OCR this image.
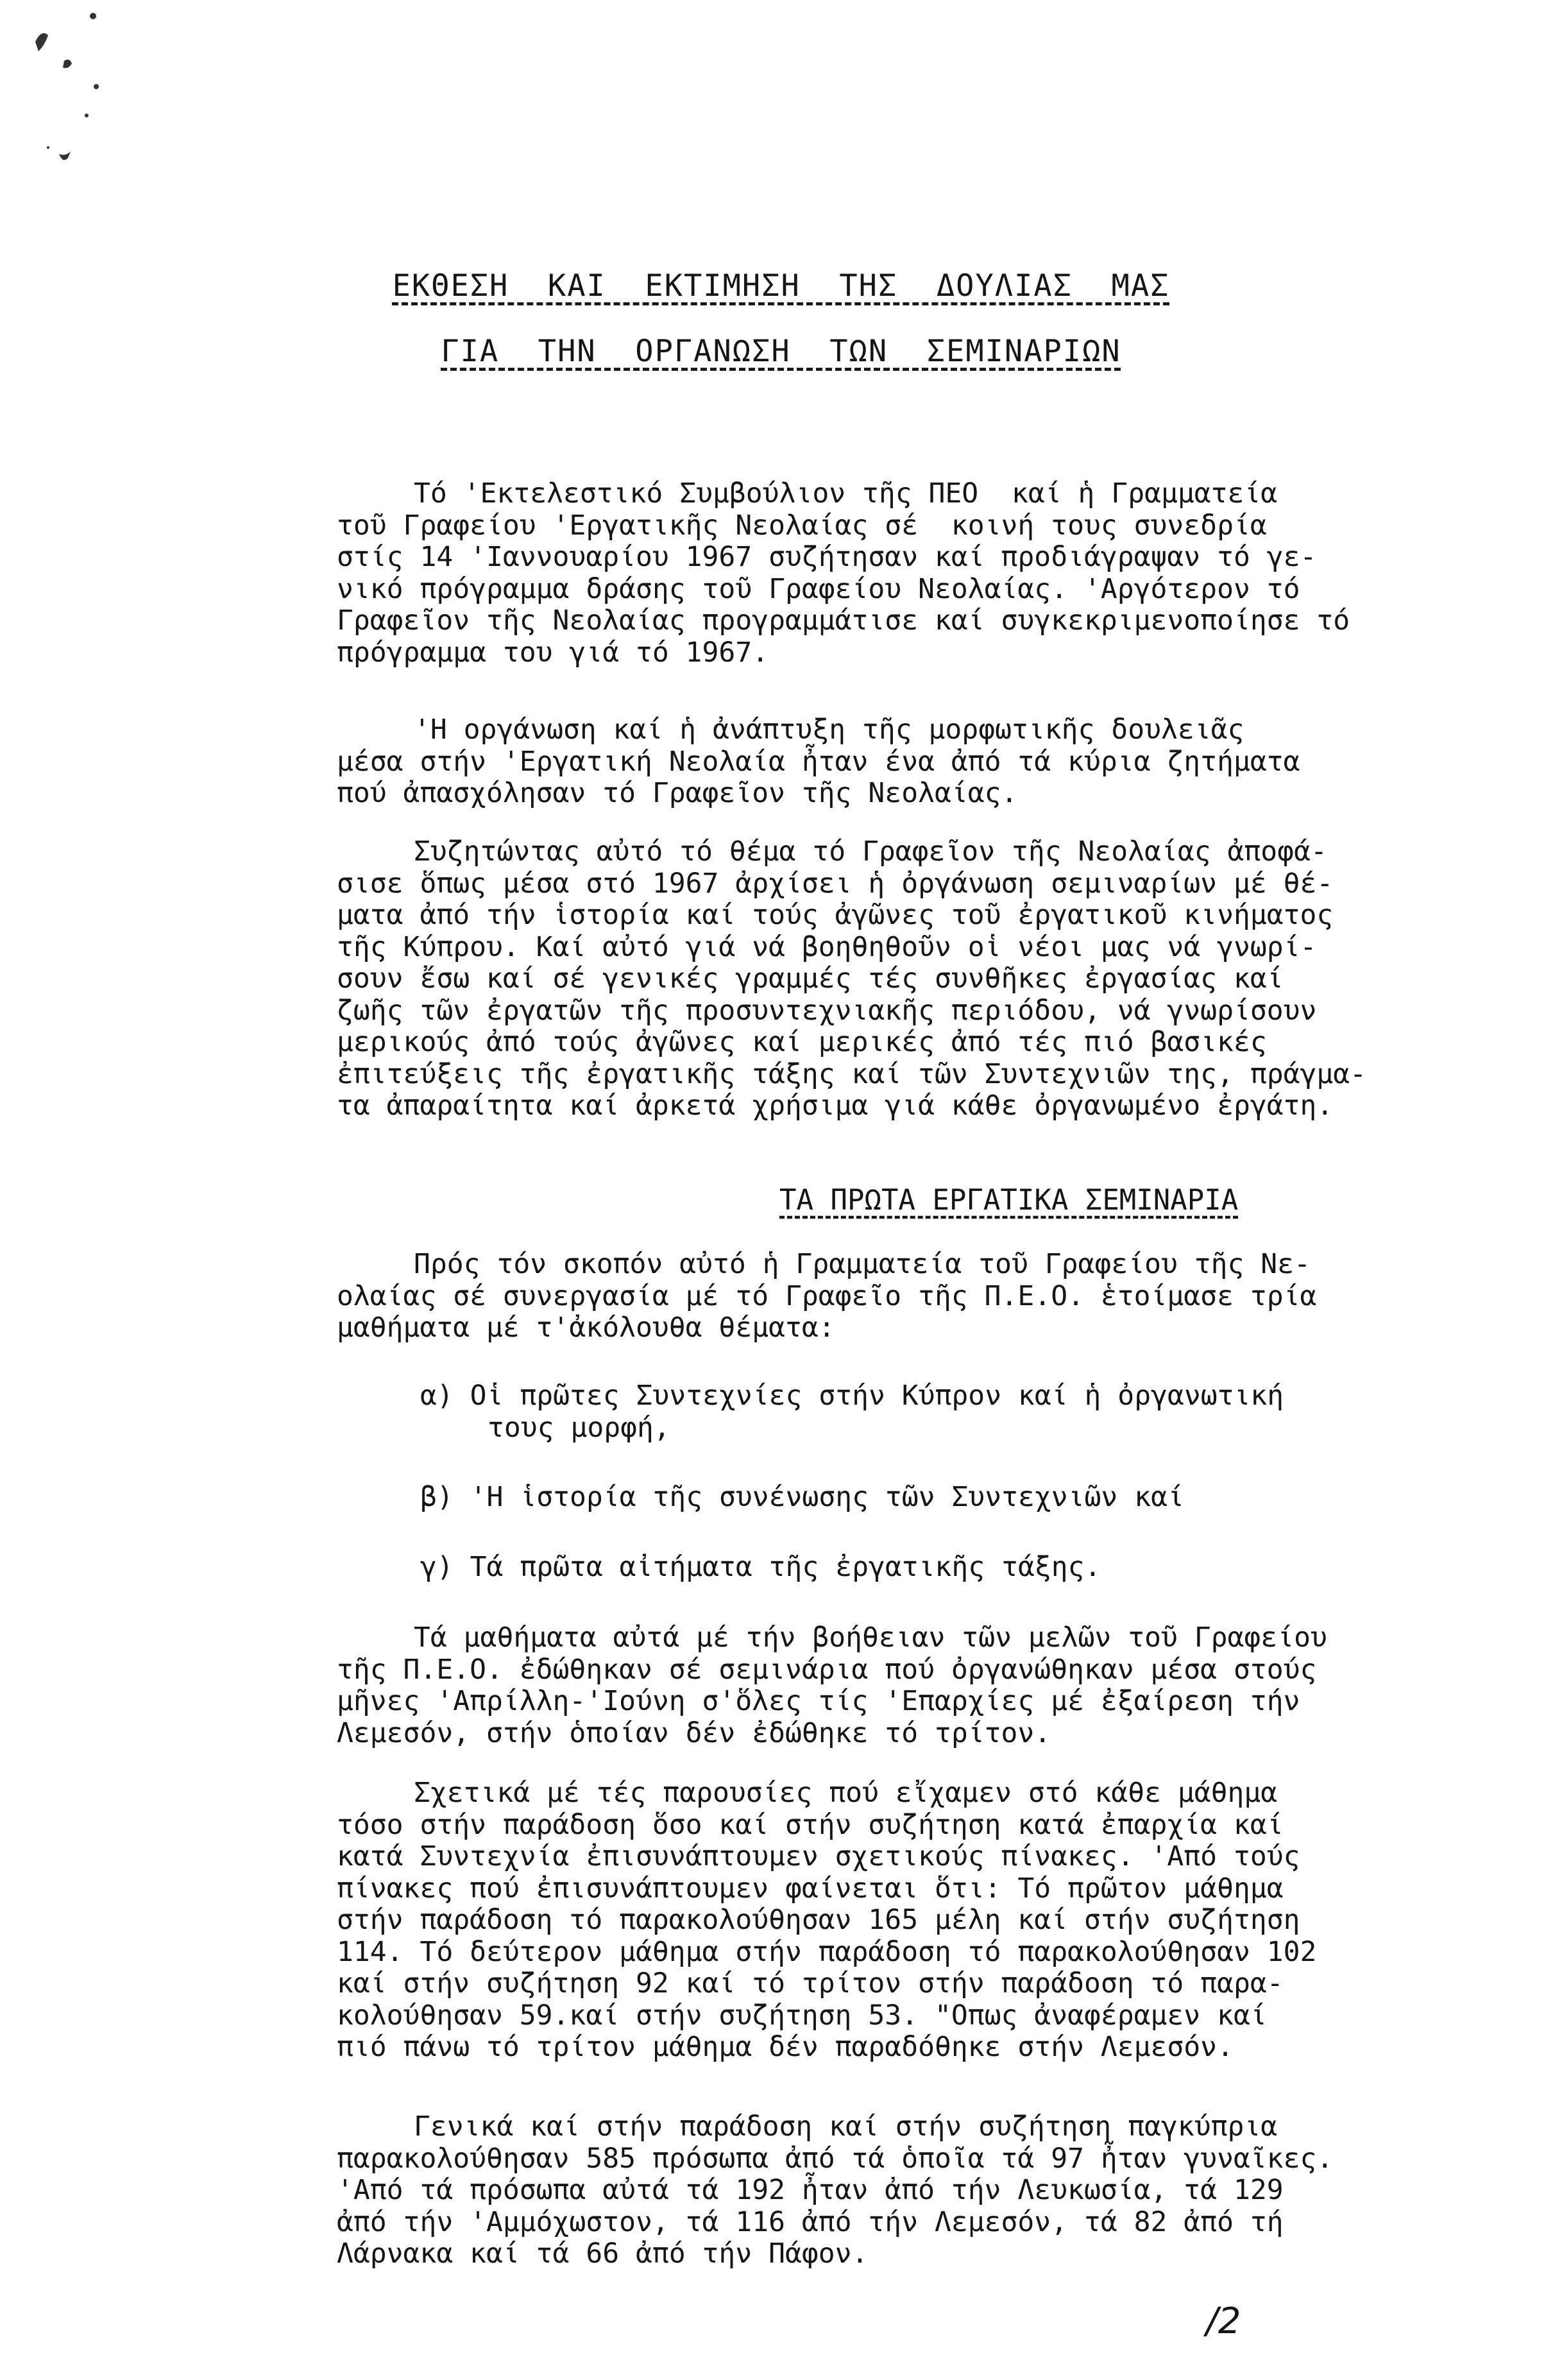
ΕΚΘΕΣΗ  ΚΑΙ  ΕΚΤΙΜΗΣΗ  ΤΗΣ  ΔΟΥΛΙΑΣ  ΜΑΣ
ΓΙΑ  ΤΗΝ  ΟΡΓΑΝΩΣΗ  ΤΩΝ  ΣΕΜΙΝΑΡΙΩΝ
Τό 'Εκτελεστικό Συμβούλιον τῆς ΠΕΟ  καί ἡ Γραμματεία
τοῦ Γραφείου 'Εργατικῆς Νεολαίας σέ  κοινή τους συνεδρία
στίς 14 'Ιαννουαρίου 1967 συζήτησαν καί προδιάγραψαν τό γε-
νικό πρόγραμμα δράσης τοῦ Γραφείου Νεολαίας. 'Αργότερον τό
Γραφεῖον τῆς Νεολαίας προγραμμάτισε καί συγκεκριμενοποίησε τό
πρόγραμμα του γιά τό 1967.
'Η οργάνωση καί ἡ ἀνάπτυξη τῆς μορφωτικῆς δουλειᾶς
μέσα στήν 'Εργατική Νεολαία ἦταν ένα ἀπό τά κύρια ζητήματα
πού ἀπασχόλησαν τό Γραφεῖον τῆς Νεολαίας.
Συζητώντας αὐτό τό θέμα τό Γραφεῖον τῆς Νεολαίας ἀποφά-
σισε ὅπως μέσα στό 1967 ἀρχίσει ἡ ὀργάνωση σεμιναρίων μέ θέ-
ματα ἀπό τήν ἱστορία καί τούς ἀγῶνες τοῦ ἐργατικοῦ κινήματος
τῆς Κύπρου. Καί αὐτό γιά νά βοηθηθοῦν οἱ νέοι μας νά γνωρί-
σουν ἔσω καί σέ γενικές γραμμές τές συνθῆκες ἐργασίας καί
ζωῆς τῶν ἐργατῶν τῆς προσυντεχνιακῆς περιόδου, νά γνωρίσουν
μερικούς ἀπό τούς ἀγῶνες καί μερικές ἀπό τές πιό βασικές
ἐπιτεύξεις τῆς ἐργατικῆς τάξης καί τῶν Συντεχνιῶν της, πράγμα-
τα ἀπαραίτητα καί ἀρκετά χρήσιμα γιά κάθε ὀργανωμένο ἐργάτη.
ΤΑ ΠΡΩΤΑ ΕΡΓΑΤΙΚΑ ΣΕΜΙΝΑΡΙΑ
Πρός τόν σκοπόν αὐτό ἡ Γραμματεία τοῦ Γραφείου τῆς Νε-
ολαίας σέ συνεργασία μέ τό Γραφεῖο τῆς Π.Ε.Ο. ἑτοίμασε τρία
μαθήματα μέ τ'ἀκόλουθα θέματα:
α) Οἱ πρῶτες Συντεχνίες στήν Κύπρον καί ἡ ὀργανωτική
τους μορφή,
β) 'Η ἱστορία τῆς συνένωσης τῶν Συντεχνιῶν καί
γ) Τά πρῶτα αἰτήματα τῆς ἐργατικῆς τάξης.
Τά μαθήματα αὐτά μέ τήν βοήθειαν τῶν μελῶν τοῦ Γραφείου
τῆς Π.Ε.Ο. ἐδώθηκαν σέ σεμινάρια πού ὀργανώθηκαν μέσα στούς
μῆνες 'Απρίλλη-'Ιούνη σ'ὅλες τίς 'Επαρχίες μέ ἐξαίρεση τήν
Λεμεσόν, στήν ὁποίαν δέν ἐδώθηκε τό τρίτον.
Σχετικά μέ τές παρουσίες πού εἴχαμεν στό κάθε μάθημα
τόσο στήν παράδοση ὅσο καί στήν συζήτηση κατά ἐπαρχία καί
κατά Συντεχνία ἐπισυνάπτουμεν σχετικούς πίνακες. 'Από τούς
πίνακες πού ἐπισυνάπτουμεν φαίνεται ὅτι: Τό πρῶτον μάθημα
στήν παράδοση τό παρακολούθησαν 165 μέλη καί στήν συζήτηση
114. Τό δεύτερον μάθημα στήν παράδοση τό παρακολούθησαν 102
καί στήν συζήτηση 92 καί τό τρίτον στήν παράδοση τό παρα-
κολούθησαν 59.καί στήν συζήτηση 53. "Οπως ἀναφέραμεν καί
πιό πάνω τό τρίτον μάθημα δέν παραδόθηκε στήν Λεμεσόν.
Γενικά καί στήν παράδοση καί στήν συζήτηση παγκύπρια
παρακολούθησαν 585 πρόσωπα ἀπό τά ὁποῖα τά 97 ἦταν γυναῖκες.
'Από τά πρόσωπα αὐτά τά 192 ἦταν ἀπό τήν Λευκωσία, τά 129
ἀπό τήν 'Αμμόχωστον, τά 116 ἀπό τήν Λεμεσόν, τά 82 ἀπό τή
Λάρνακα καί τά 66 ἀπό τήν Πάφον.
/2
